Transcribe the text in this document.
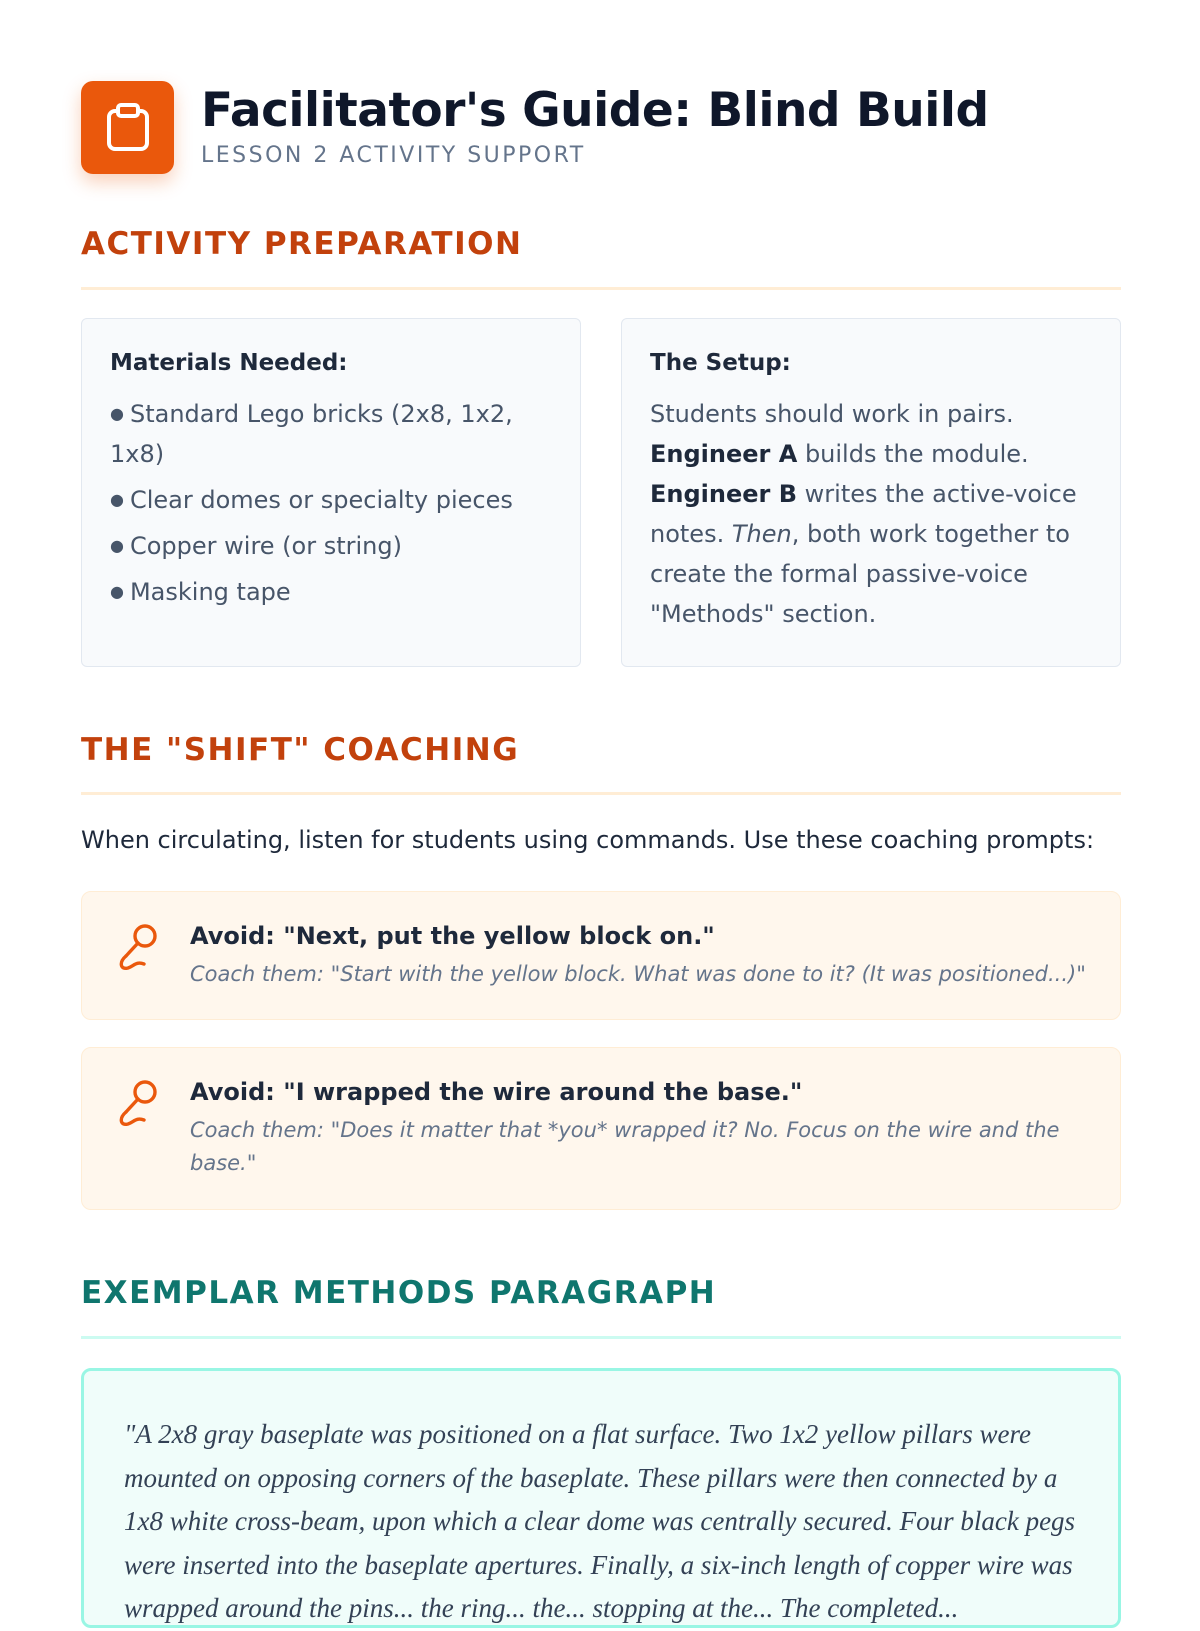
Facilitator's Guide: Blind Build
LESSON 2 ACTIVITY SUPPORT
ACTIVITY PREPARATION
Materials Needed:
● Standard Lego bricks (2x8, 1x2, 1x8)
● Clear domes or specialty pieces
● Copper wire (or string)
● Masking tape
The Setup:

Students should work in pairs. Engineer A builds the module. Engineer B writes the active-voice notes. Then, both work together to create the formal passive-voice "Methods" section.

THE "SHIFT" COACHING
When circulating, listen for students using commands. Use these coaching prompts:
Avoid: "Next, put the yellow block on."
Coach them: "Start with the yellow block. What was done to it? (It was positioned...)"
Avoid: "I wrapped the wire around the base."
Coach them: "Does it matter that *you* wrapped it? No. Focus on the wire and the base."
EXEMPLAR METHODS PARAGRAPH

"A 2x8 gray baseplate was positioned on a flat surface. Two 1x2 yellow pillars were mounted on opposing corners of the baseplate. These pillars were then connected by a 1x8 white cross-beam, upon which a clear dome was centrally secured. Four black pegs were inserted into the baseplate apertures. Finally, a six-inch length of copper wire was wrapped around the pins... the ring... the... stopping at the... The completed...
